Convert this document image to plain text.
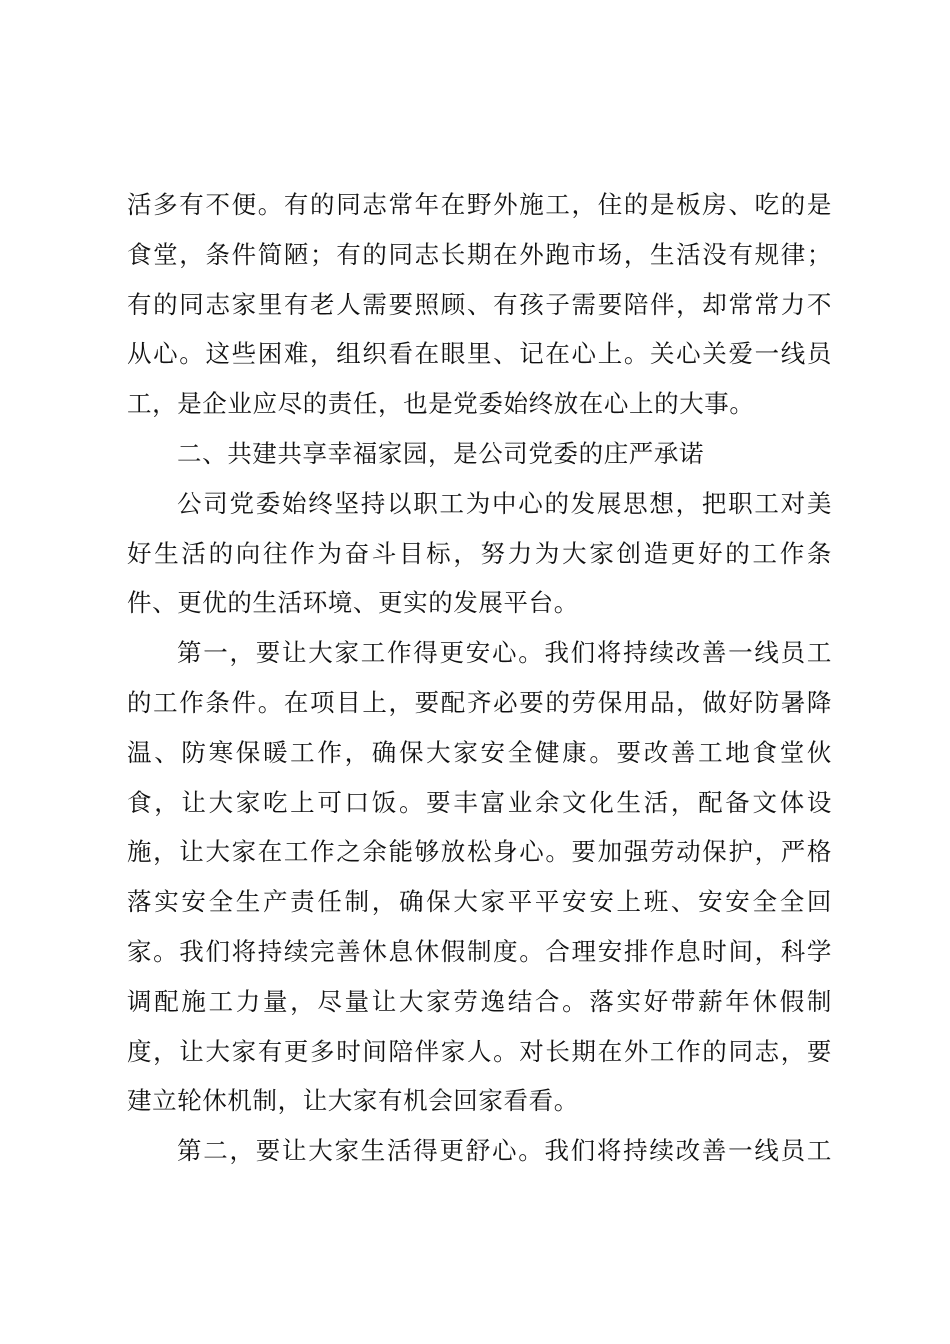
活多有不便。有的同志常年在野外施工，住的是板房、吃的是
食堂，条件简陋；有的同志长期在外跑市场，生活没有规律；
有的同志家里有老人需要照顾、有孩子需要陪伴，却常常力不
从心。这些困难，组织看在眼里、记在心上。关心关爱一线员
工，是企业应尽的责任，也是党委始终放在心上的大事。
二、共建共享幸福家园，是公司党委的庄严承诺
公司党委始终坚持以职工为中心的发展思想，把职工对美
好生活的向往作为奋斗目标，努力为大家创造更好的工作条
件、更优的生活环境、更实的发展平台。
第一，要让大家工作得更安心。我们将持续改善一线员工
的工作条件。在项目上，要配齐必要的劳保用品，做好防暑降
温、防寒保暖工作，确保大家安全健康。要改善工地食堂伙
食，让大家吃上可口饭。要丰富业余文化生活，配备文体设
施，让大家在工作之余能够放松身心。要加强劳动保护，严格
落实安全生产责任制，确保大家平平安安上班、安安全全回
家。我们将持续完善休息休假制度。合理安排作息时间，科学
调配施工力量，尽量让大家劳逸结合。落实好带薪年休假制
度，让大家有更多时间陪伴家人。对长期在外工作的同志，要
建立轮休机制，让大家有机会回家看看。
第二，要让大家生活得更舒心。我们将持续改善一线员工
